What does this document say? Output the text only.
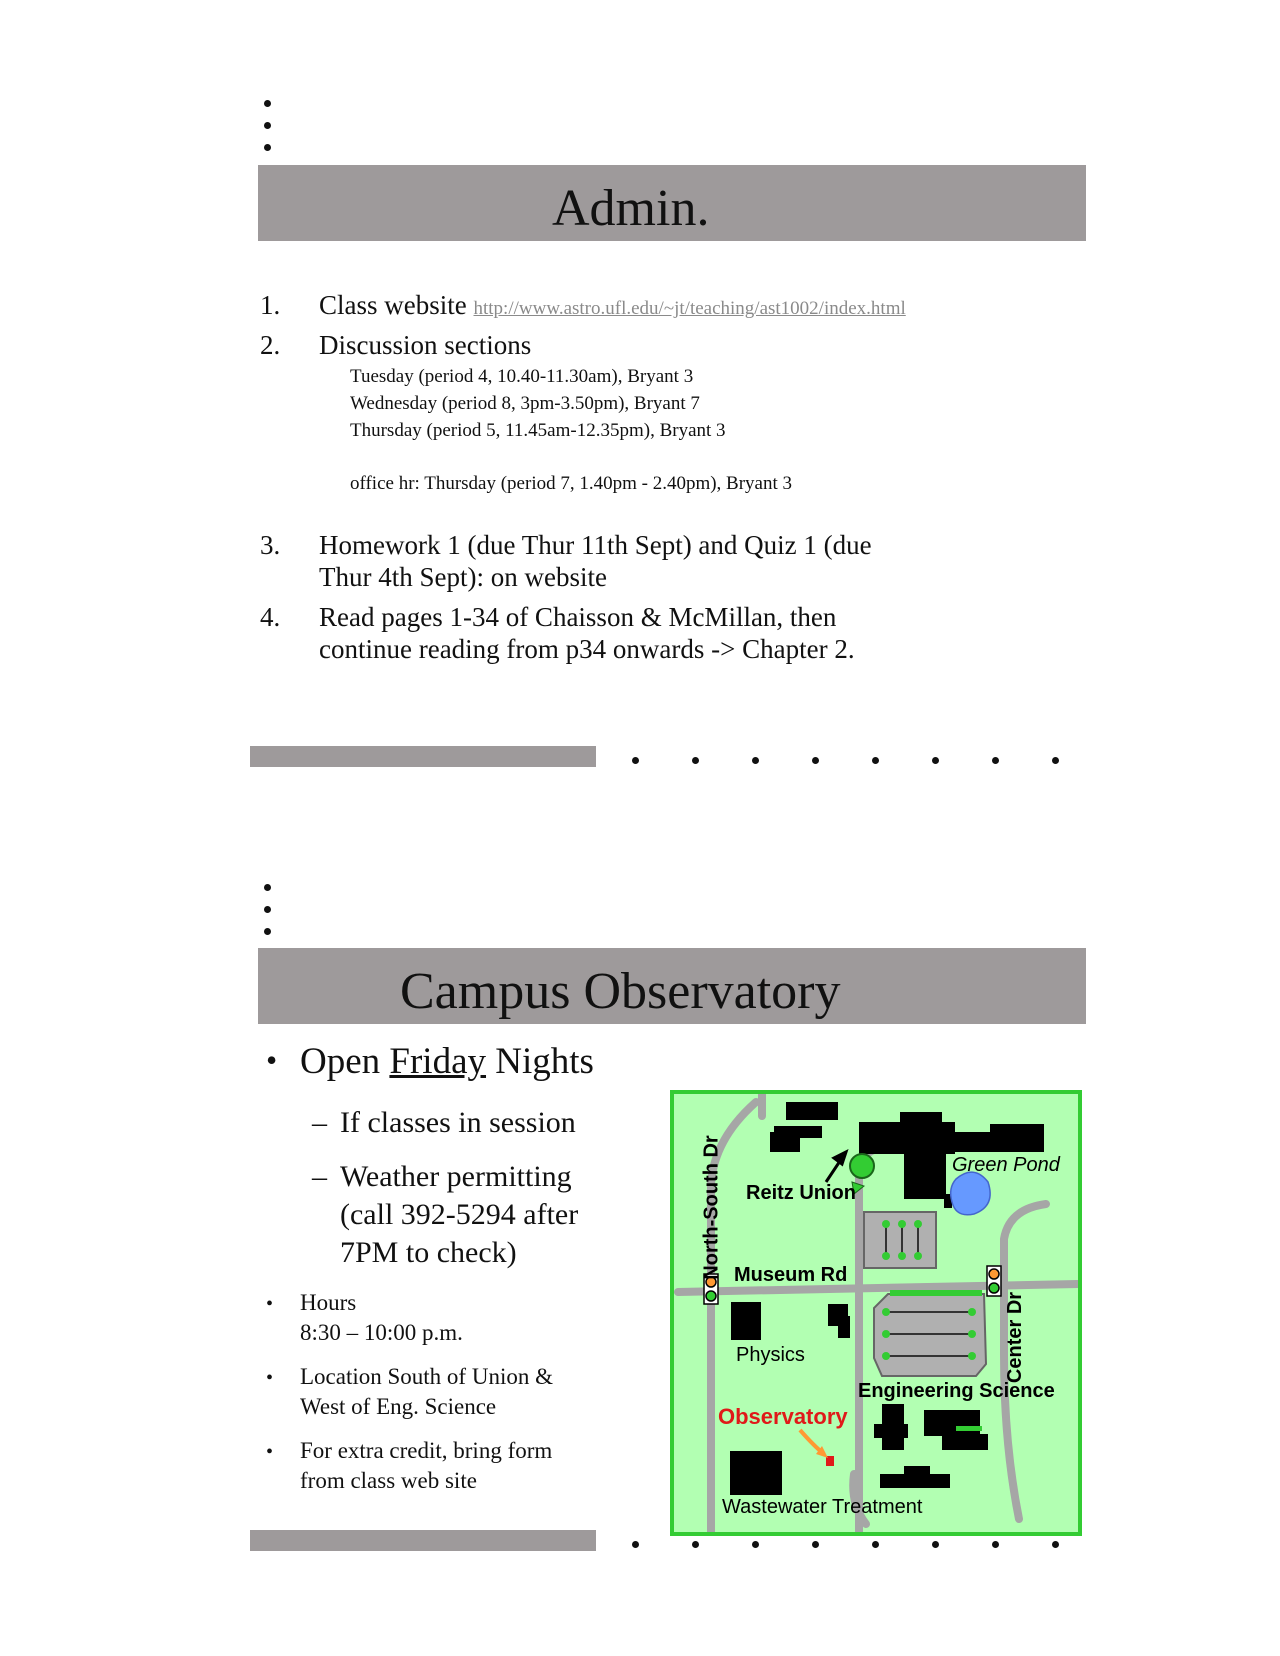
Admin.
1. Class website http://www.astro.ufl.edu/~jt/teaching/ast1002/index.html
2. Discussion sections
Tuesday (period 4, 10.40-11.30am), Bryant 3
Wednesday (period 8, 3pm-3.50pm), Bryant 7
Thursday (period 5, 11.45am-12.35pm), Bryant 3
office hr: Thursday (period 7, 1.40pm - 2.40pm), Bryant 3
3. Homework 1 (due Thur 11th Sept) and Quiz 1 (due
Thur 4th Sept): on website
4. Read pages 1-34 of Chaisson & McMillan, then
continue reading from p34 onwards -> Chapter 2.
Campus Observatory
• Open Friday Nights
– If classes in session
– Weather permitting
(call 392-5294 after
7PM to check)
• Hours
8:30 – 10:00 p.m.
• Location South of Union &
West of Eng. Science
• For extra credit, bring form
from class web site
North-South Dr Reitz Union
Green Pond
Museum Rd
Center Dr
Physics
Engineering Science
Observatory
Wastewater Treatment
